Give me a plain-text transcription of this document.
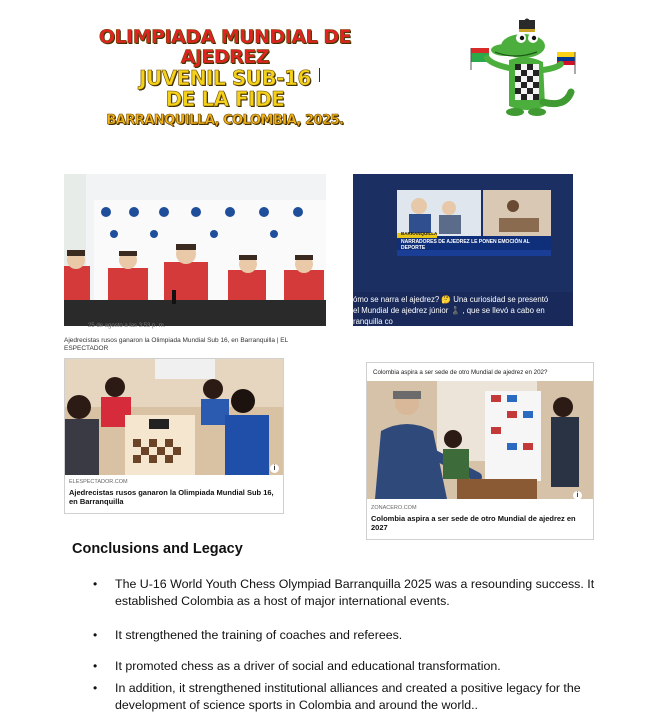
OLIMPIADA MUNDIAL DE AJEDREZ
JUVENIL SUB-16
DE LA FIDE
BARRANQUILLA, COLOMBIA, 2025.
25 de agosto a las 3:53 p. m.
Ajedrecistas rusos ganaron la Olimpiada Mundial Sub 16, en Barranquilla | EL ESPECTADOR
BARRANQUILLA
NARRADORES DE AJEDREZ LE PONEN EMOCIÓN AL DEPORTE
ómo se narra el ajedrez? 🤔 Una curiosidad se presentó
el Mundial de ajedrez júnior ♟️ , que se llevó a cabo en
ranquilla co
i
ELESPECTADOR.COM
Ajedrecistas rusos ganaron la Olimpiada Mundial Sub 16, en Barranquilla
Colombia aspira a ser sede de otro Mundial de ajedrez en 202?
i
ZONACERO.COM
Colombia aspira a ser sede de otro Mundial de ajedrez en 2027
Conclusions and Legacy
• The U-16 World Youth Chess Olympiad Barranquilla 2025 was a resounding success. It established Colombia as a host of major international events.
• It strengthened the training of coaches and referees.
• It promoted chess as a driver of social and educational transformation.
• In addition, it strengthened institutional alliances and created a positive legacy for the development of science sports in Colombia and around the world..
